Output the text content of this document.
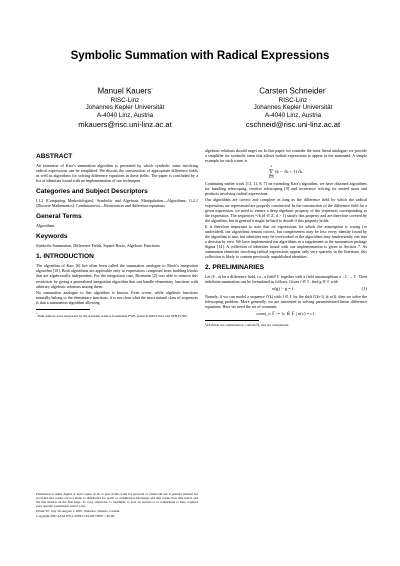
Symbolic Summation with Radical Expressions
Manuel Kauers*
RISC-Linz
Johannes Kepler Universität
A-4040 Linz, Austria
mkauers@risc.uni-linz.ac.at
Carsten Schneider*
RISC-Linz
Johannes Kepler Universität
A-4040 Linz, Austria
cschneid@risc.uni-linz.ac.at
ABSTRACT

An extension of Karr's summation algorithm is presented by which symbolic sums involving radical expressions can be simplified. We discuss the construction of appropriate difference fields as well as algorithms for solving difference equations in these fields. The paper is concluded by a list of identities found with an implementation of our techniques.

Categories and Subject Descriptors

I.1.2 [Computing Methodologies]: Symbolic and Algebraic Manipulation—Algorithms; G.2.1 [Discrete Mathematics]: Combinatorics—Recurrences and difference equations

General Terms

Algorithms

Keywords

Symbolic Summation, Difference Fields, Square Roots, Algebraic Functions

1. INTRODUCTION

The algorithm of Karr [6] has often been called the summation analogue to Risch's integration algorithm [10]. Both algorithms are applicable only to expressions composed from building blocks that are algebraically independent. For the integration case, Bronstein [2] was able to remove this restriction by giving a generalized integration algorithm that can handle elementary functions with arbitrary algebraic relations among them.

No summation analogue to this algorithm is known. Even worse, while algebraic functions naturally belong to the elementary functions, it is not clear what the most natural class of sequences is that a summation algorithm allowing

*Both authors were supported by the Austrian science foundation FWF, grants P16613-N12 and SFB F1305.

Permission to make digital or hard copies of all or part of this work for personal or classroom use is granted without fee provided that copies are not made or distributed for profit or commercial advantage and that copies bear this notice and the full citation on the first page. To copy otherwise, to republish, to post on servers or to redistribute to lists, requires prior specific permission and/or a fee.

ISSAC'07, July 29–August 1, 2007, Waterloo, Ontario, Canada.

Copyright 2007 ACM 978-1-59593-743-8/07/0007 ...$5.00.

algebraic relations should target on. In this paper, we consider the most literal analogue: we provide a simplifier for symbolic sums that allows radical expressions to appear in the summand. A simple example for such a sum is

n
∑
k=0 (k − √k + 1)√k.

Continuing earlier work [13, 11, 8, 7] on extending Karr's algorithm, we have obtained algorithms for handling telescoping, creative telescoping [9] and recurrence solving for nested sums and products involving radical expressions.

Our algorithms are correct and complete as long as the difference field by which the radical expressions are represented are properly constructed. In the construction of the difference field for a given expression, we need to ensure a deep algebraic property of the sequences corresponding to the expression. The sequences ⁿ√k (d ∈ ℤ, d > 1) satisfy this property and are therefore covered by the algorithm, but in general it might be hard to decide if this property holds.

It is therefore important to note that on expressions for which the assumption is wrong (or undecided), our algorithms remain correct, but completeness may be lost: every identity found by the algorithm is true, but identities may be overlooked or the algorithms may inadvertently run into a division by zero. We have implemented our algorithms as a supplement to the summation package Sigma [14]. A collection of identities found with our implementation is given in Section 7. As summation identities involving radical expressions appear only very sparsely in the literature, this collection is likely to contain previously unpublished identities.

2. PRELIMINARIES

Let (𝔽, σ) be a difference field, i.e., a field¹ 𝔽 together with a field automorphism σ : 𝔽 → 𝔽. Then indefinite summation can be formulated as follows. Given f ∈ 𝔽, find g ∈ 𝔽 with

σ(g) − g = f.	(1)

Namely, if we can model a sequence f′(k) with f ∈ 𝔽 by the shift f′(k+1) ≅ σ(f), then we solve the telescoping problem. More generally, we are interested in solving parameterized linear difference equations. Here we need the set of constants

const_σ 𝔽 := {c ∈ 𝔽 | σ(c) = c}.

¹All fields are commutative, contain ℚ, and are computable.
